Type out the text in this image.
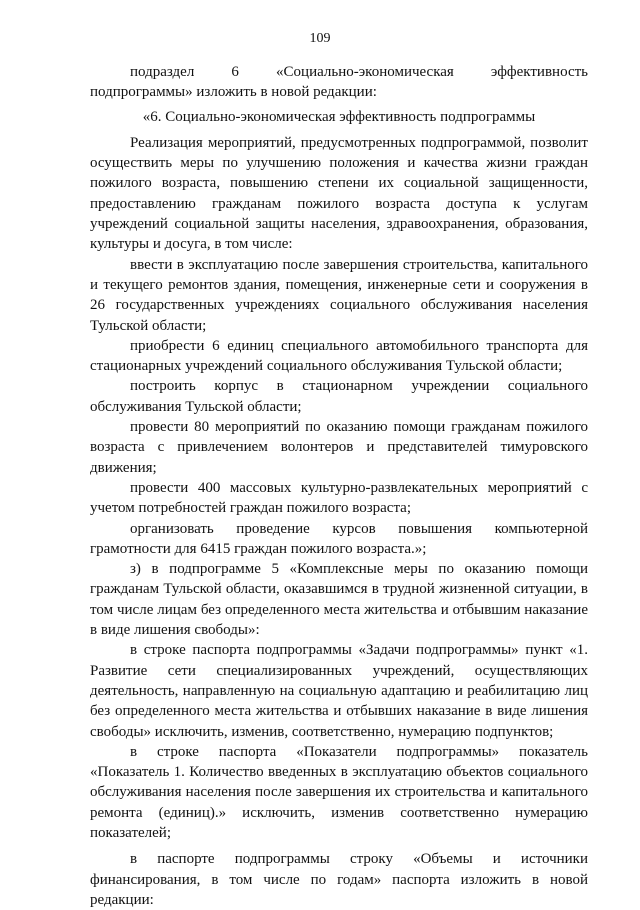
109

подраздел 6 «Социально-экономическая эффективность подпрограммы» изложить в новой редакции:

«6. Социально-экономическая эффективность подпрограммы

Реализация мероприятий, предусмотренных подпрограммой, позволит осуществить меры по улучшению положения и качества жизни граждан пожилого возраста, повышению степени их социальной защищенности, предоставлению гражданам пожилого возраста доступа к услугам учреждений социальной защиты населения, здравоохранения, образования, культуры и досуга, в том числе:

ввести в эксплуатацию после завершения строительства, капитального и текущего ремонтов здания, помещения, инженерные сети и сооружения в 26 государственных учреждениях социального обслуживания населения Тульской области;

приобрести 6 единиц специального автомобильного транспорта для стационарных учреждений социального обслуживания Тульской области;

построить корпус в стационарном учреждении социального обслуживания Тульской области;

провести 80 мероприятий по оказанию помощи гражданам пожилого возраста с привлечением волонтеров и представителей тимуровского движения;

провести 400 массовых культурно-развлекательных мероприятий с учетом потребностей граждан пожилого возраста;

организовать проведение курсов повышения компьютерной грамотности для 6415 граждан пожилого возраста.»;

з) в подпрограмме 5 «Комплексные меры по оказанию помощи гражданам Тульской области, оказавшимся в трудной жизненной ситуации, в том числе лицам без определенного места жительства и отбывшим наказание в виде лишения свободы»:

в строке паспорта подпрограммы «Задачи подпрограммы» пункт «1. Развитие сети специализированных учреждений, осуществляющих деятельность, направленную на социальную адаптацию и реабилитацию лиц без определенного места жительства и отбывших наказание в виде лишения свободы» исключить, изменив, соответственно, нумерацию подпунктов;

в строке паспорта «Показатели подпрограммы» показатель «Показатель 1. Количество введенных в эксплуатацию объектов социального обслуживания населения после завершения их строительства и капитального ремонта (единиц).» исключить, изменив соответственно нумерацию показателей;

в паспорте подпрограммы строку «Объемы и источники финансирования, в том числе по годам» паспорта изложить в новой редакции:
